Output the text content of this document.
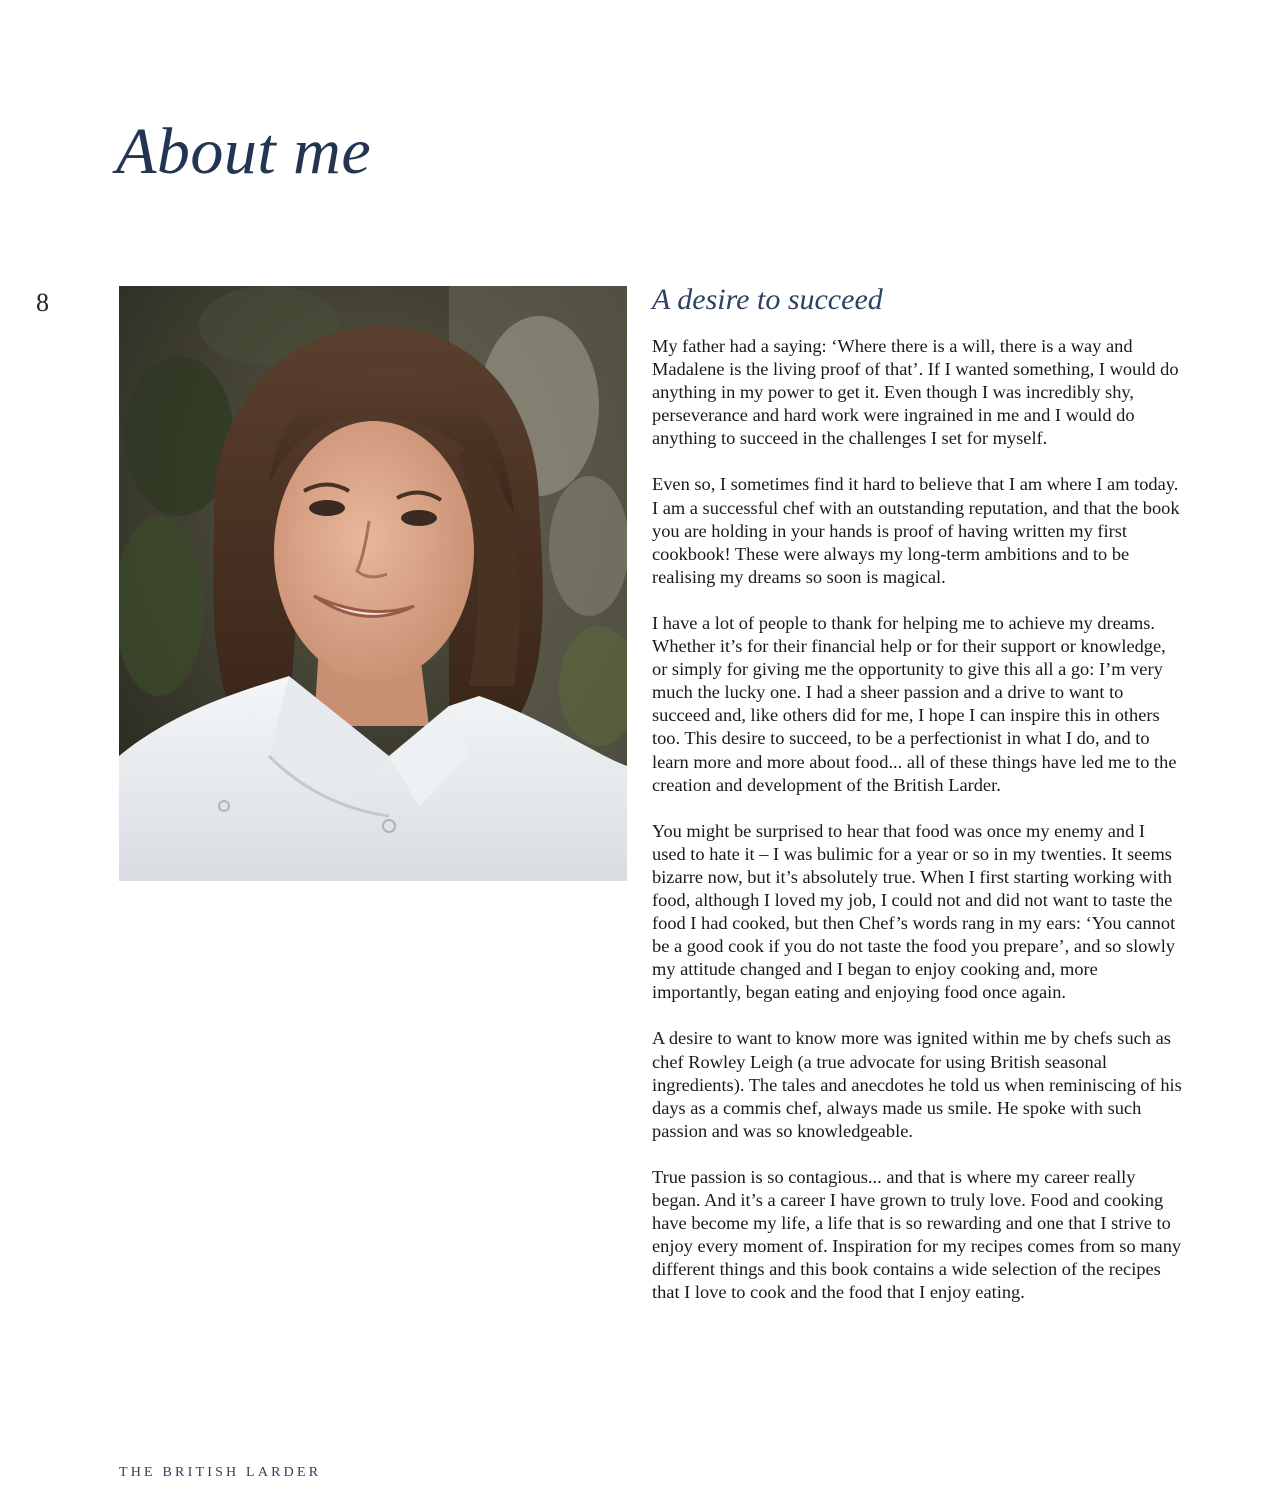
About me
8	A desire to succeed

My father had a saying: ‘Where there is a will, there is a way and Madalene is the living proof of that’. If I wanted something, I would do anything in my power to get it. Even though I was incredibly shy, perseverance and hard work were ingrained in me and I would do anything to succeed in the challenges I set for myself.

Even so, I sometimes find it hard to believe that I am where I am today. I am a successful chef with an outstanding reputation, and that the book you are holding in your hands is proof of having written my first cookbook! These were always my long-term ambitions and to be realising my dreams so soon is magical.

I have a lot of people to thank for helping me to achieve my dreams. Whether it’s for their financial help or for their support or knowledge, or simply for giving me the opportunity to give this all a go: I’m very much the lucky one. I had a sheer passion and a drive to want to succeed and, like others did for me, I hope I can inspire this in others too. This desire to succeed, to be a perfectionist in what I do, and to learn more and more about food... all of these things have led me to the creation and development of the British Larder.

You might be surprised to hear that food was once my enemy and I used to hate it – I was bulimic for a year or so in my twenties. It seems bizarre now, but it’s absolutely true. When I first starting working with food, although I loved my job, I could not and did not want to taste the food I had cooked, but then Chef’s words rang in my ears: ‘You cannot be a good cook if you do not taste the food you prepare’, and so slowly my attitude changed and I began to enjoy cooking and, more importantly, began eating and enjoying food once again.

A desire to want to know more was ignited within me by chefs such as chef Rowley Leigh (a true advocate for using British seasonal ingredients). The tales and anecdotes he told us when reminiscing of his days as a commis chef, always made us smile. He spoke with such passion and was so knowledgeable.

True passion is so contagious... and that is where my career really began. And it’s a career I have grown to truly love. Food and cooking have become my life, a life that is so rewarding and one that I strive to enjoy every moment of. Inspiration for my recipes comes from so many different things and this book contains a wide selection of the recipes that I love to cook and the food that I enjoy eating.

THE BRITISH LARDER
